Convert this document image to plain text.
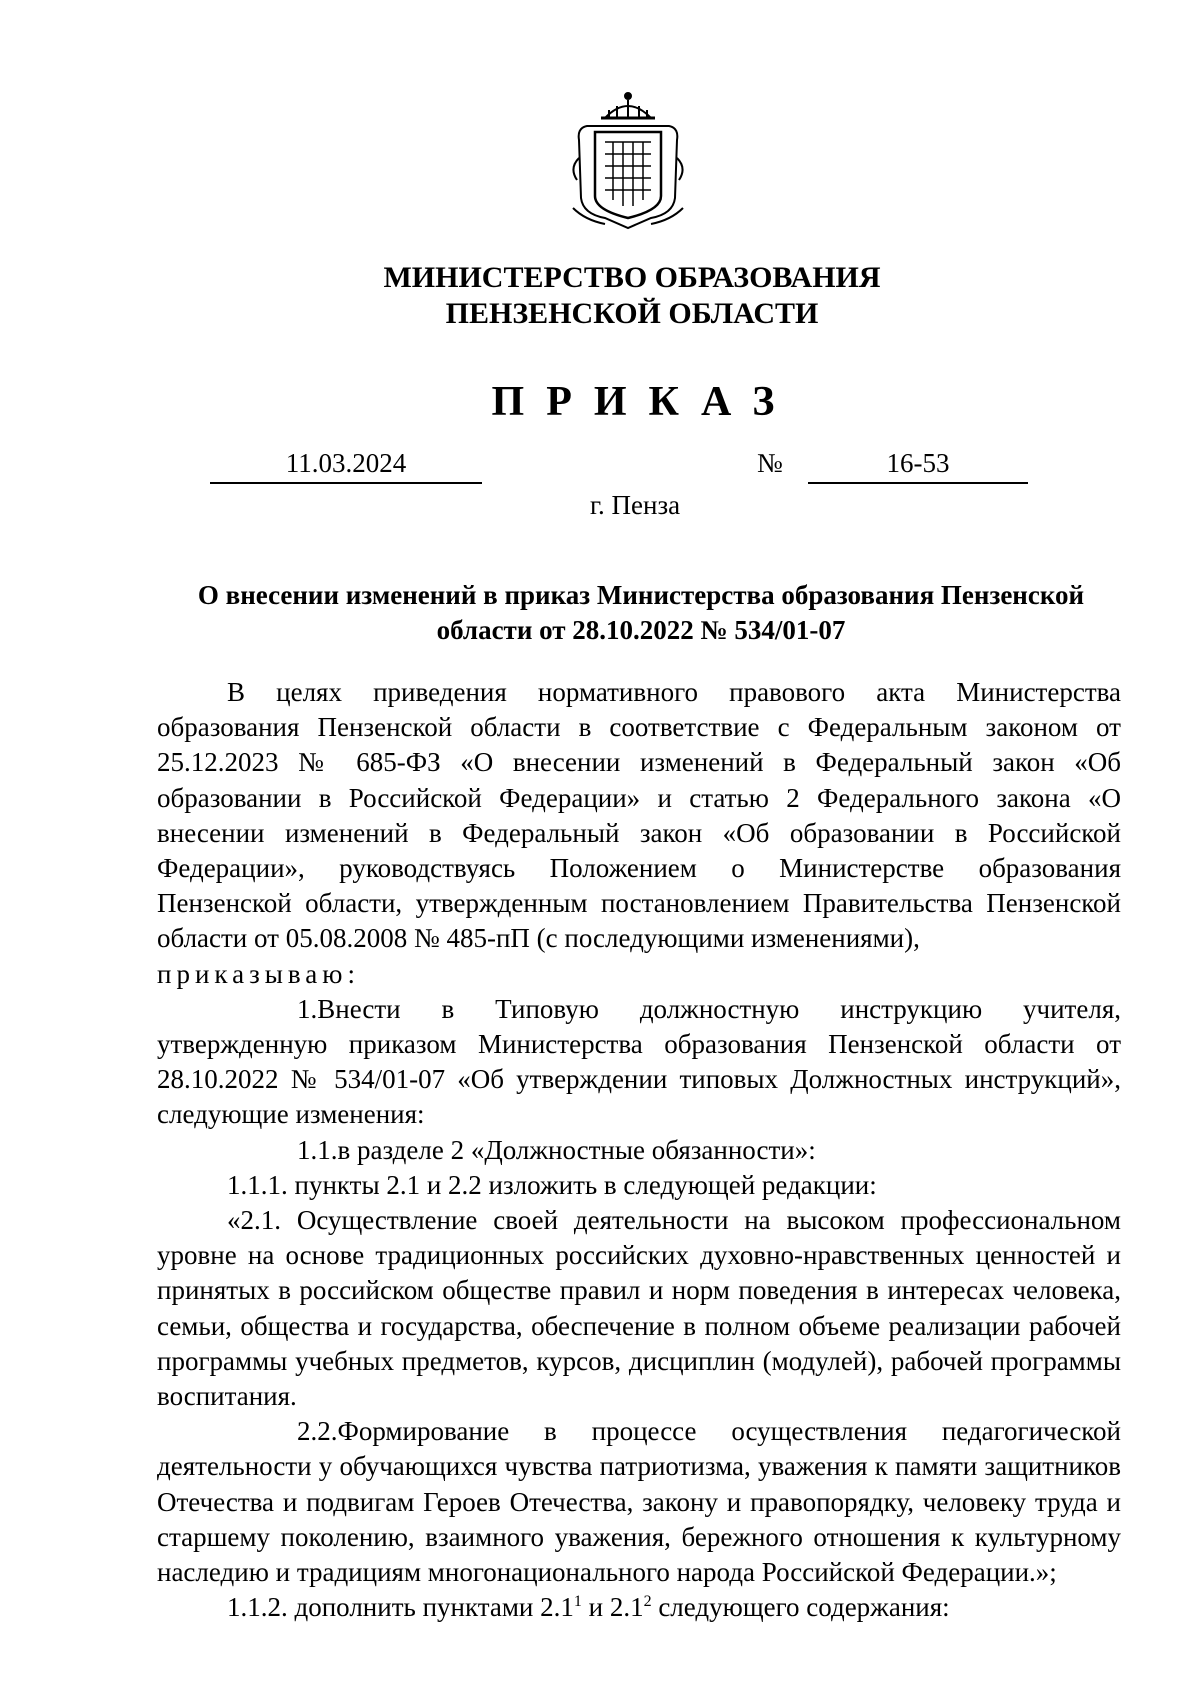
МИНИСТЕРСТВО ОБРАЗОВАНИЯ
ПЕНЗЕНСКОЙ ОБЛАСТИ
ПРИКАЗ
11.03.2024	№	16-53
г. Пенза
О внесении изменений в приказ Министерства образования Пензенской
области от 28.10.2022 № 534/01-07

В целях приведения нормативного правового акта Министерства образования Пензенской области в соответствие с Федеральным законом от 25.12.2023 № 685-ФЗ «О внесении изменений в Федеральный закон «Об образовании в Российской Федерации» и статью 2 Федерального закона «О внесении изменений в Федеральный закон «Об образовании в Российской Федерации», руководствуясь Положением о Министерстве образования Пензенской области, утвержденным постановлением Правительства Пензенской области от 05.08.2008 № 485-пП (с последующими изменениями),

приказываю:

1.Внести в Типовую должностную инструкцию учителя, утвержденную приказом Министерства образования Пензенской области от 28.10.2022 № 534/01-07 «Об утверждении типовых Должностных инструкций», следующие изменения:

1.1.в разделе 2 «Должностные обязанности»:

1.1.1. пункты 2.1 и 2.2 изложить в следующей редакции:

«2.1. Осуществление своей деятельности на высоком профессиональном уровне на основе традиционных российских духовно-нравственных ценностей и принятых в российском обществе правил и норм поведения в интересах человека, семьи, общества и государства, обеспечение в полном объеме реализации рабочей программы учебных предметов, курсов, дисциплин (модулей), рабочей программы воспитания.

2.2.Формирование в процессе осуществления педагогической деятельности у обучающихся чувства патриотизма, уважения к памяти защитников Отечества и подвигам Героев Отечества, закону и правопорядку, человеку труда и старшему поколению, взаимного уважения, бережного отношения к культурному наследию и традициям многонационального народа Российской Федерации.»;

1.1.2. дополнить пунктами $2.1^1$ и $2.1^2$ следующего содержания:
